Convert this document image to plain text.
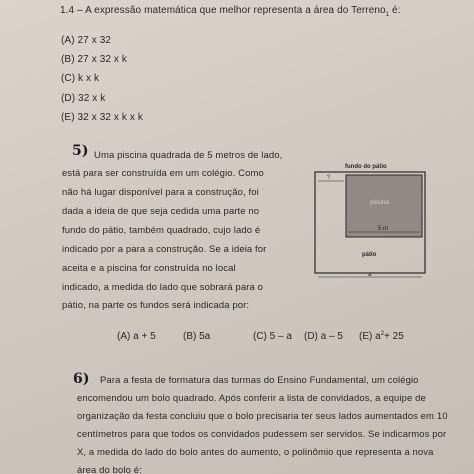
1.4 – A expressão matemática que melhor representa a área do Terreno$_1$ é:
(A) 27 x 32
(B) 27 x 32 x k
(C) k x k
(D) 32 x k
(E) 32 x 32 x k x k
5) Uma piscina quadrada de 5 metros de lado,
está para ser construída em um colégio. Como
não há lugar disponível para a construção, foi
dada a ideia de que seja cedida uma parte no
fundo do pátio, também quadrado, cujo lado é
indicado por a para a construção. Se a ideia for
aceita e a piscina for construída no local
indicado, a medida do lado que sobrará para o
pátio, na parte os fundos será indicada por:
fundo do pátio
?
piscina
5 m
pátio
a
(A) a + 5	(B) 5a	(C) 5 – a (D) a – 5 (E) $a^2+ 25$
6) Para a festa de formatura das turmas do Ensino Fundamental, um colégio
encomendou um bolo quadrado. Após conferir a lista de convidados, a equipe de
organização da festa concluiu que o bolo precisaria ter seus lados aumentados em 10
centímetros para que todos os convidados pudessem ser servidos. Se indicarmos por
X, a medida do lado do bolo antes do aumento, o polinômio que representa a nova
área do bolo é:
